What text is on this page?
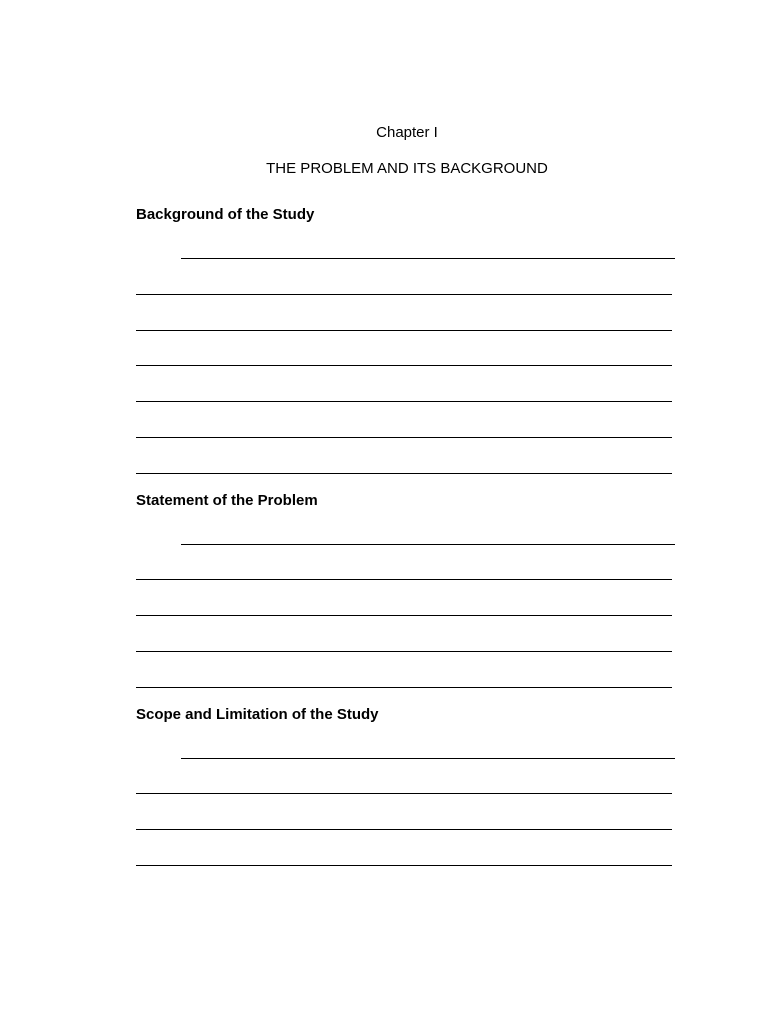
Chapter I
THE PROBLEM AND ITS BACKGROUND
Background of the Study
Statement of the Problem
Scope and Limitation of the Study
